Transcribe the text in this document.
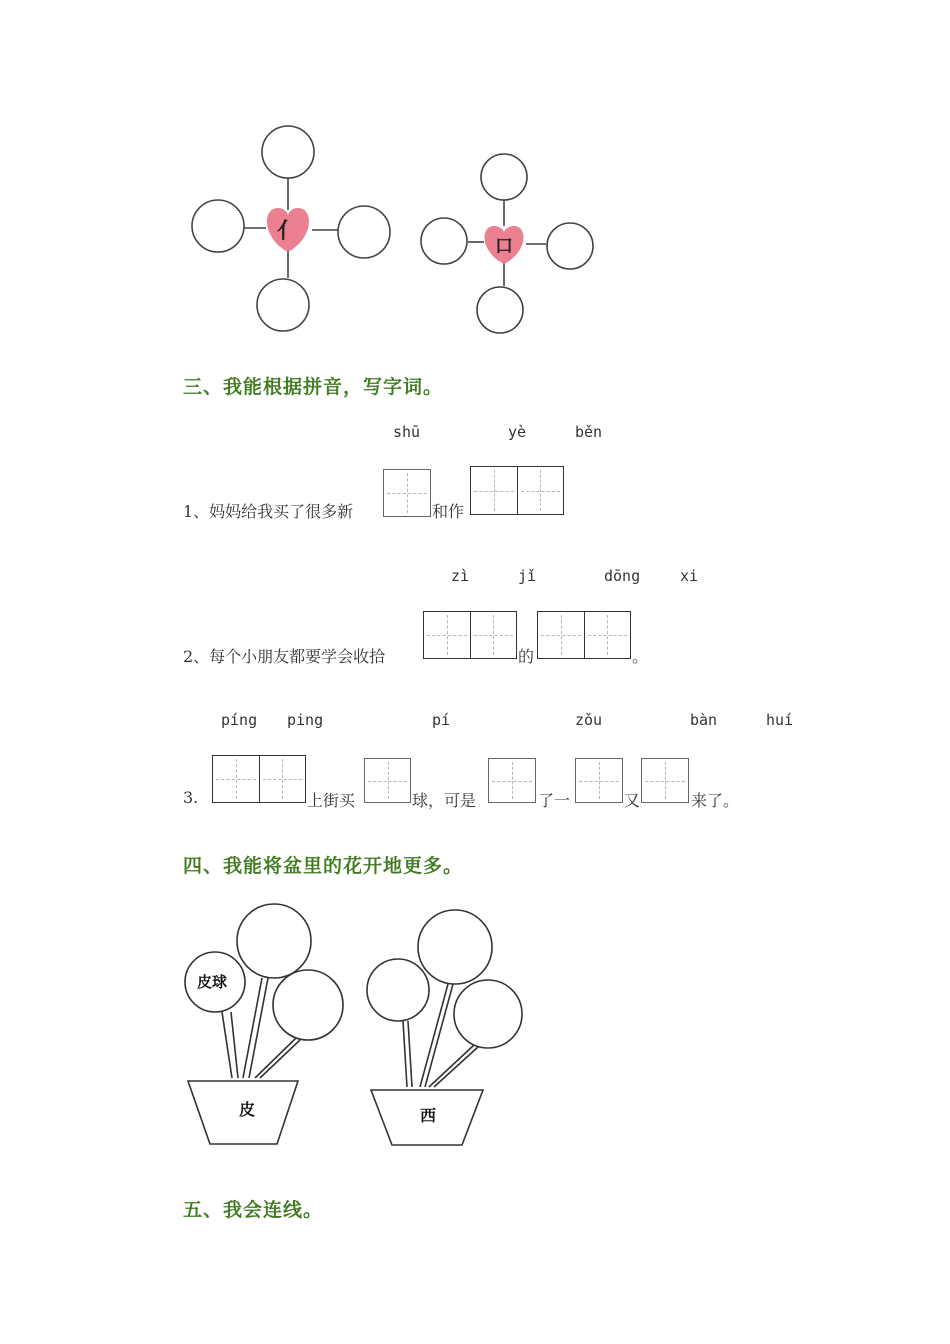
亻
口
三、我能根据拼音，写字词。
shū	yè	běn
1、妈妈给我买了很多新	和作
zì	jǐ	dōng	xi
2、每个小朋友都要学会收拾	的	。
píng ping	pí	zǒu	bàn	huí
3.	上街买	球，可是	了一	又	来了。
四、我能将盆里的花开地更多。
皮球
皮	西
五、我会连线。
